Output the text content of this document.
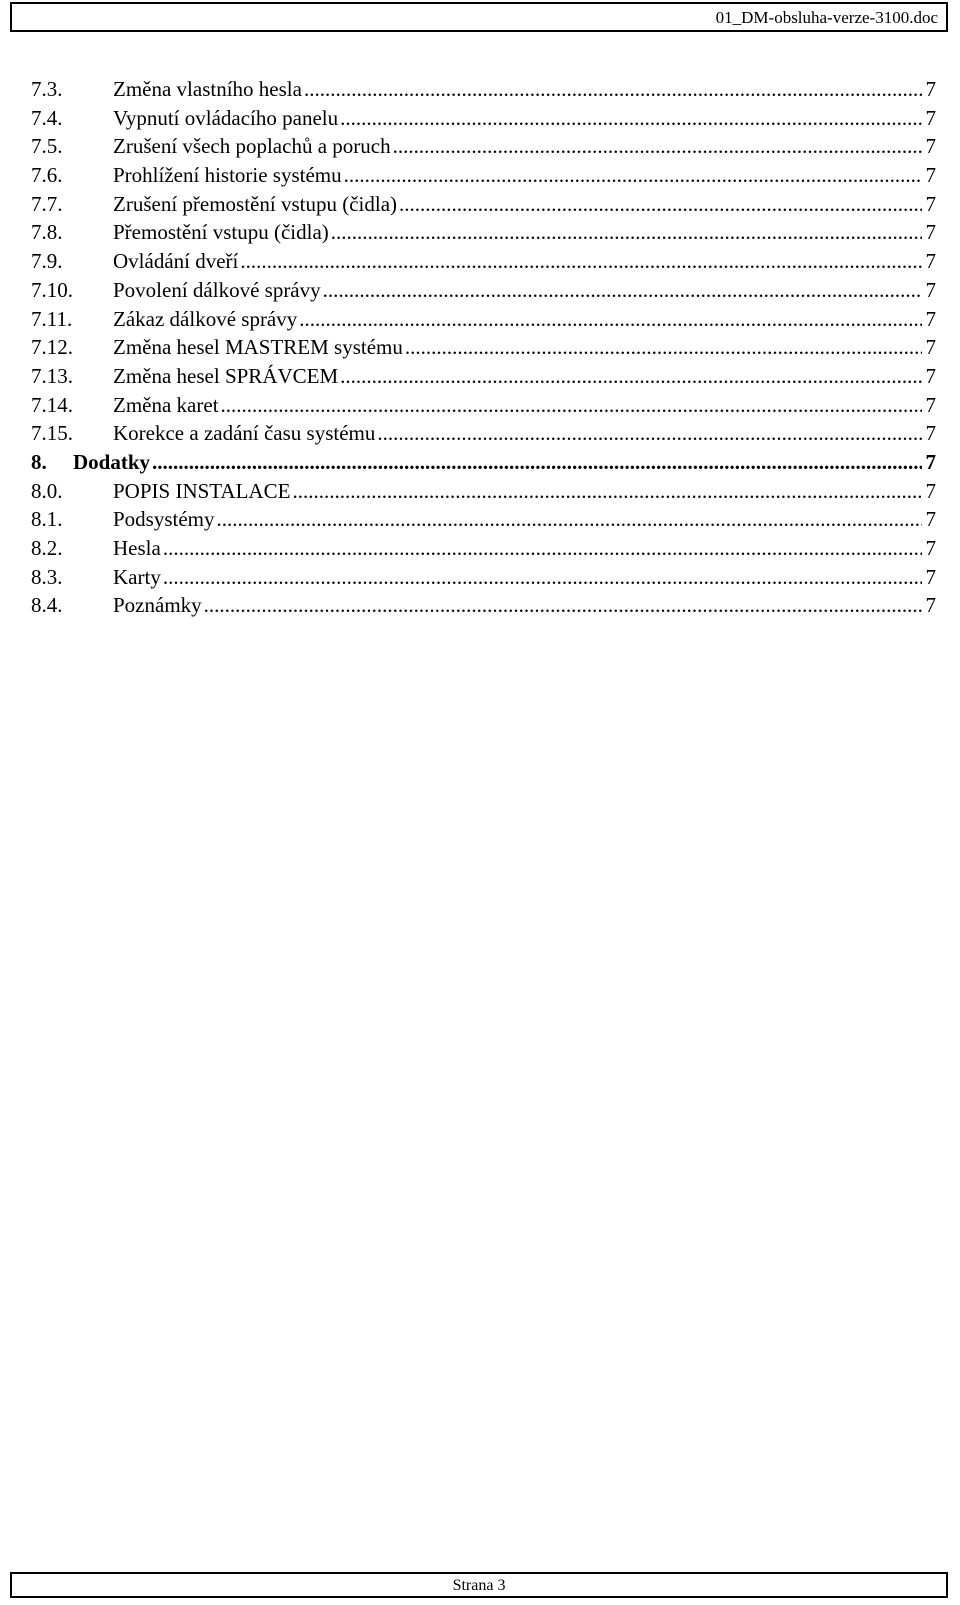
01_DM-obsluha-verze-3100.doc
7.3.	Změna vlastního hesla .....	7
7.4.	Vypnutí ovládacího panelu .....	7
7.5.	Zrušení všech poplachů a poruch .....	7
7.6.	Prohlížení historie systému .....	7
7.7.	Zrušení přemostění vstupu (čidla) .....	7
7.8.	Přemostění vstupu (čidla) .....	7
7.9.	Ovládání dveří .....	7
7.10.	Povolení dálkové správy .....	7
7.11.	Zákaz dálkové správy .....	7
7.12.	Změna hesel MASTREM systému .....	7
7.13.	Změna hesel SPRÁVCEM .....	7
7.14.	Změna karet .....	7
7.15.	Korekce a zadání času systému .....	7
8.	Dodatky .....	7
8.0.	POPIS INSTALACE .....	7
8.1.	Podsystémy .....	7
8.2.	Hesla .....	7
8.3.	Karty .....	7
8.4.	Poznámky .....	7
Strana 3
